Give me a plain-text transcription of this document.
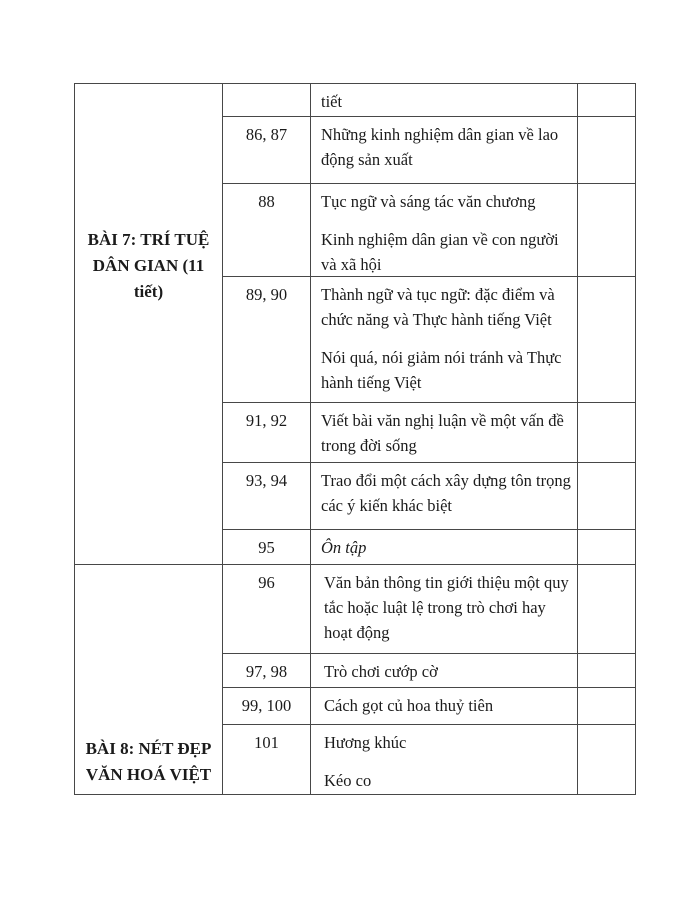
BÀI 7: TRÍ TUỆ
DÂN GIAN (11
tiết)

tiết

86, 87	Những kinh nghiệm dân gian về lao động sản xuất

88	Tục ngữ và sáng tác văn chương

Kinh nghiệm dân gian về con người và xã hội

89, 90	Thành ngữ và tục ngữ: đặc điểm và chức năng và Thực hành tiếng Việt

Nói quá, nói giảm nói tránh và Thực hành tiếng Việt

91, 92	Viết bài văn nghị luận về một vấn đề trong đời sống

93, 94	Trao đổi một cách xây dựng tôn trọng các ý kiến khác biệt

95	Ôn tập

BÀI 8: NÉT ĐẸP
VĂN HOÁ VIỆT
96	Văn bản thông tin giới thiệu một quy tắc hoặc luật lệ trong trò chơi hay hoạt động

97, 98	Trò chơi cướp cờ

99, 100	Cách gọt củ hoa thuỷ tiên

101	Hương khúc

Kéo co
